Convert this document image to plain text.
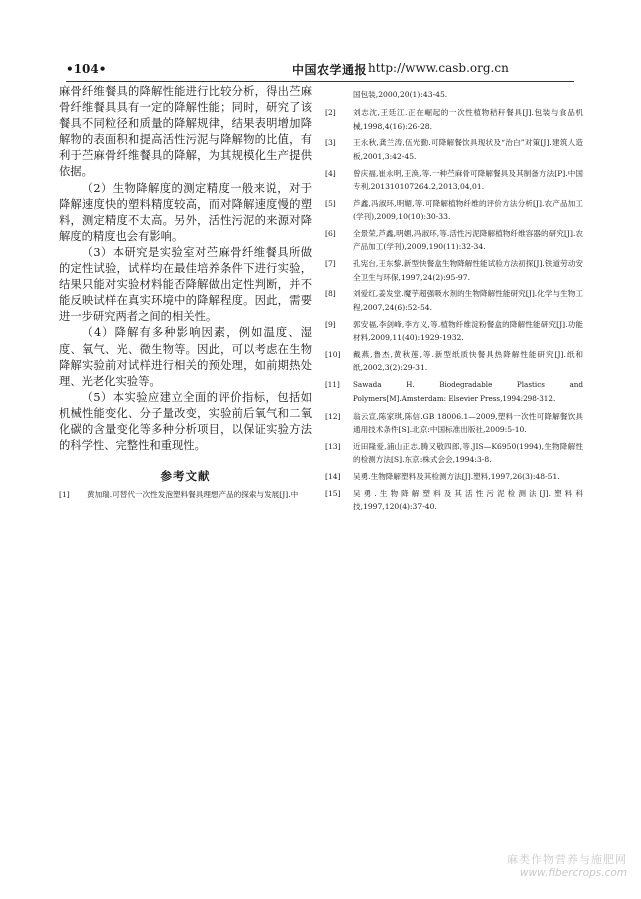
•104•	中国农学通报 http://www.casb.org.cn

麻骨纤维餐具的降解性能进行比较分析，得出苎麻骨纤维餐具具有一定的降解性能；同时，研究了该餐具不同粒径和质量的降解规律，结果表明增加降解物的表面积和提高活性污泥与降解物的比值，有利于苎麻骨纤维餐具的降解，为其规模化生产提供依据。

（2）生物降解度的测定精度一般来说，对于降解速度快的塑料精度较高，而对降解速度慢的塑料，测定精度不太高。另外，活性污泥的来源对降解度的精度也会有影响。

（3）本研究是实验室对苎麻骨纤维餐具所做的定性试验，试样均在最佳培养条件下进行实验，结果只能对实验材料能否降解做出定性判断，并不能反映试样在真实环境中的降解程度。因此，需要进一步研究两者之间的相关性。

（4）降解有多种影响因素，例如温度、湿度、氧气、光、微生物等。因此，可以考虑在生物降解实验前对试样进行相关的预处理，如前期热处理、光老化实验等。

（5）本实验应建立全面的评价指标，包括如机械性能变化、分子量改变，实验前后氧气和二氧化碳的含量变化等多种分析项目，以保证实验方法的科学性、完整性和重现性。

参考文献
[1] 黄加瑞.可替代一次性发泡塑料餐具理想产品的探索与发展[J].中
国包装,2000,20(1):43-45.
[2] 刘志沈,王廷江.正在崛起的一次性植物秸秆餐具[J].包装与食品机械,1998,4(16):26-28.
[3] 王永秋,龚兰涛,伍光勤.可降解餐饮具现状及“治白”对策[J].建筑人造板,2001,3:42-45.
[4] 曾庆福,崔永明,王涣,等.一种苎麻骨可降解餐具及其制备方法[P].中国专利,201310107264.2,2013,04,01.
[5] 芦鑫,冯淑环,明媚,等.可降解植物纤维的评价方法分析[J].农产品加工(学刊),2009,10(10):30-33.
[6] 全景荣,芦鑫,明媚,冯淑环,等.活性污泥降解植物纤维容器的研究[J].农产品加工(学刊),2009,190(11):32-34.
[7] 孔宪台,王东黎.新型快餐盒生物降解性能试验方法初探[J].铁道劳动安全卫生与环保,1997,24(2):95-97.
[8] 刘爱红,姜发堂.魔芋超强吸水剂的生物降解性能研究[J].化学与生物工程,2007,24(6):52-54.
[9] 郭安福,李剑峰,李方义,等.植物纤维淀粉餐盒的降解性能研究[J].功能材料,2009,11(40):1929-1932.
[10] 戴燕,鲁杰,黄秋莲,等.新型纸质快餐具热降解性能研究[J].纸和纸,2002,3(2):29-31.
[11] Sawada H. Biodegradable Plastics and Polymers[M].Amsterdam: Elsevier Press,1994:298-312.
[12] 翁云宣,陈家琪,陈信.GB 18006.1—2009,塑料一次性可降解餐饮具通用技术条件[S].北京:中国标准出版社,2009:5-10.
[13] 近田隆爱,浦山正志,腾又敬四郎,等.JIS—K6950(1994),生物降解性的检测方法[S].东京:株式会会,1994:3-8.
[14] 吴勇.生物降解塑料及其检测方法[J].塑料,1997,26(3):48-51.
[15] 吴勇.生物降解塑料及其活性污泥检测法[J].塑料科技,1997,120(4):37-40.
麻类作物营养与施肥网
www.fibercrops.com
